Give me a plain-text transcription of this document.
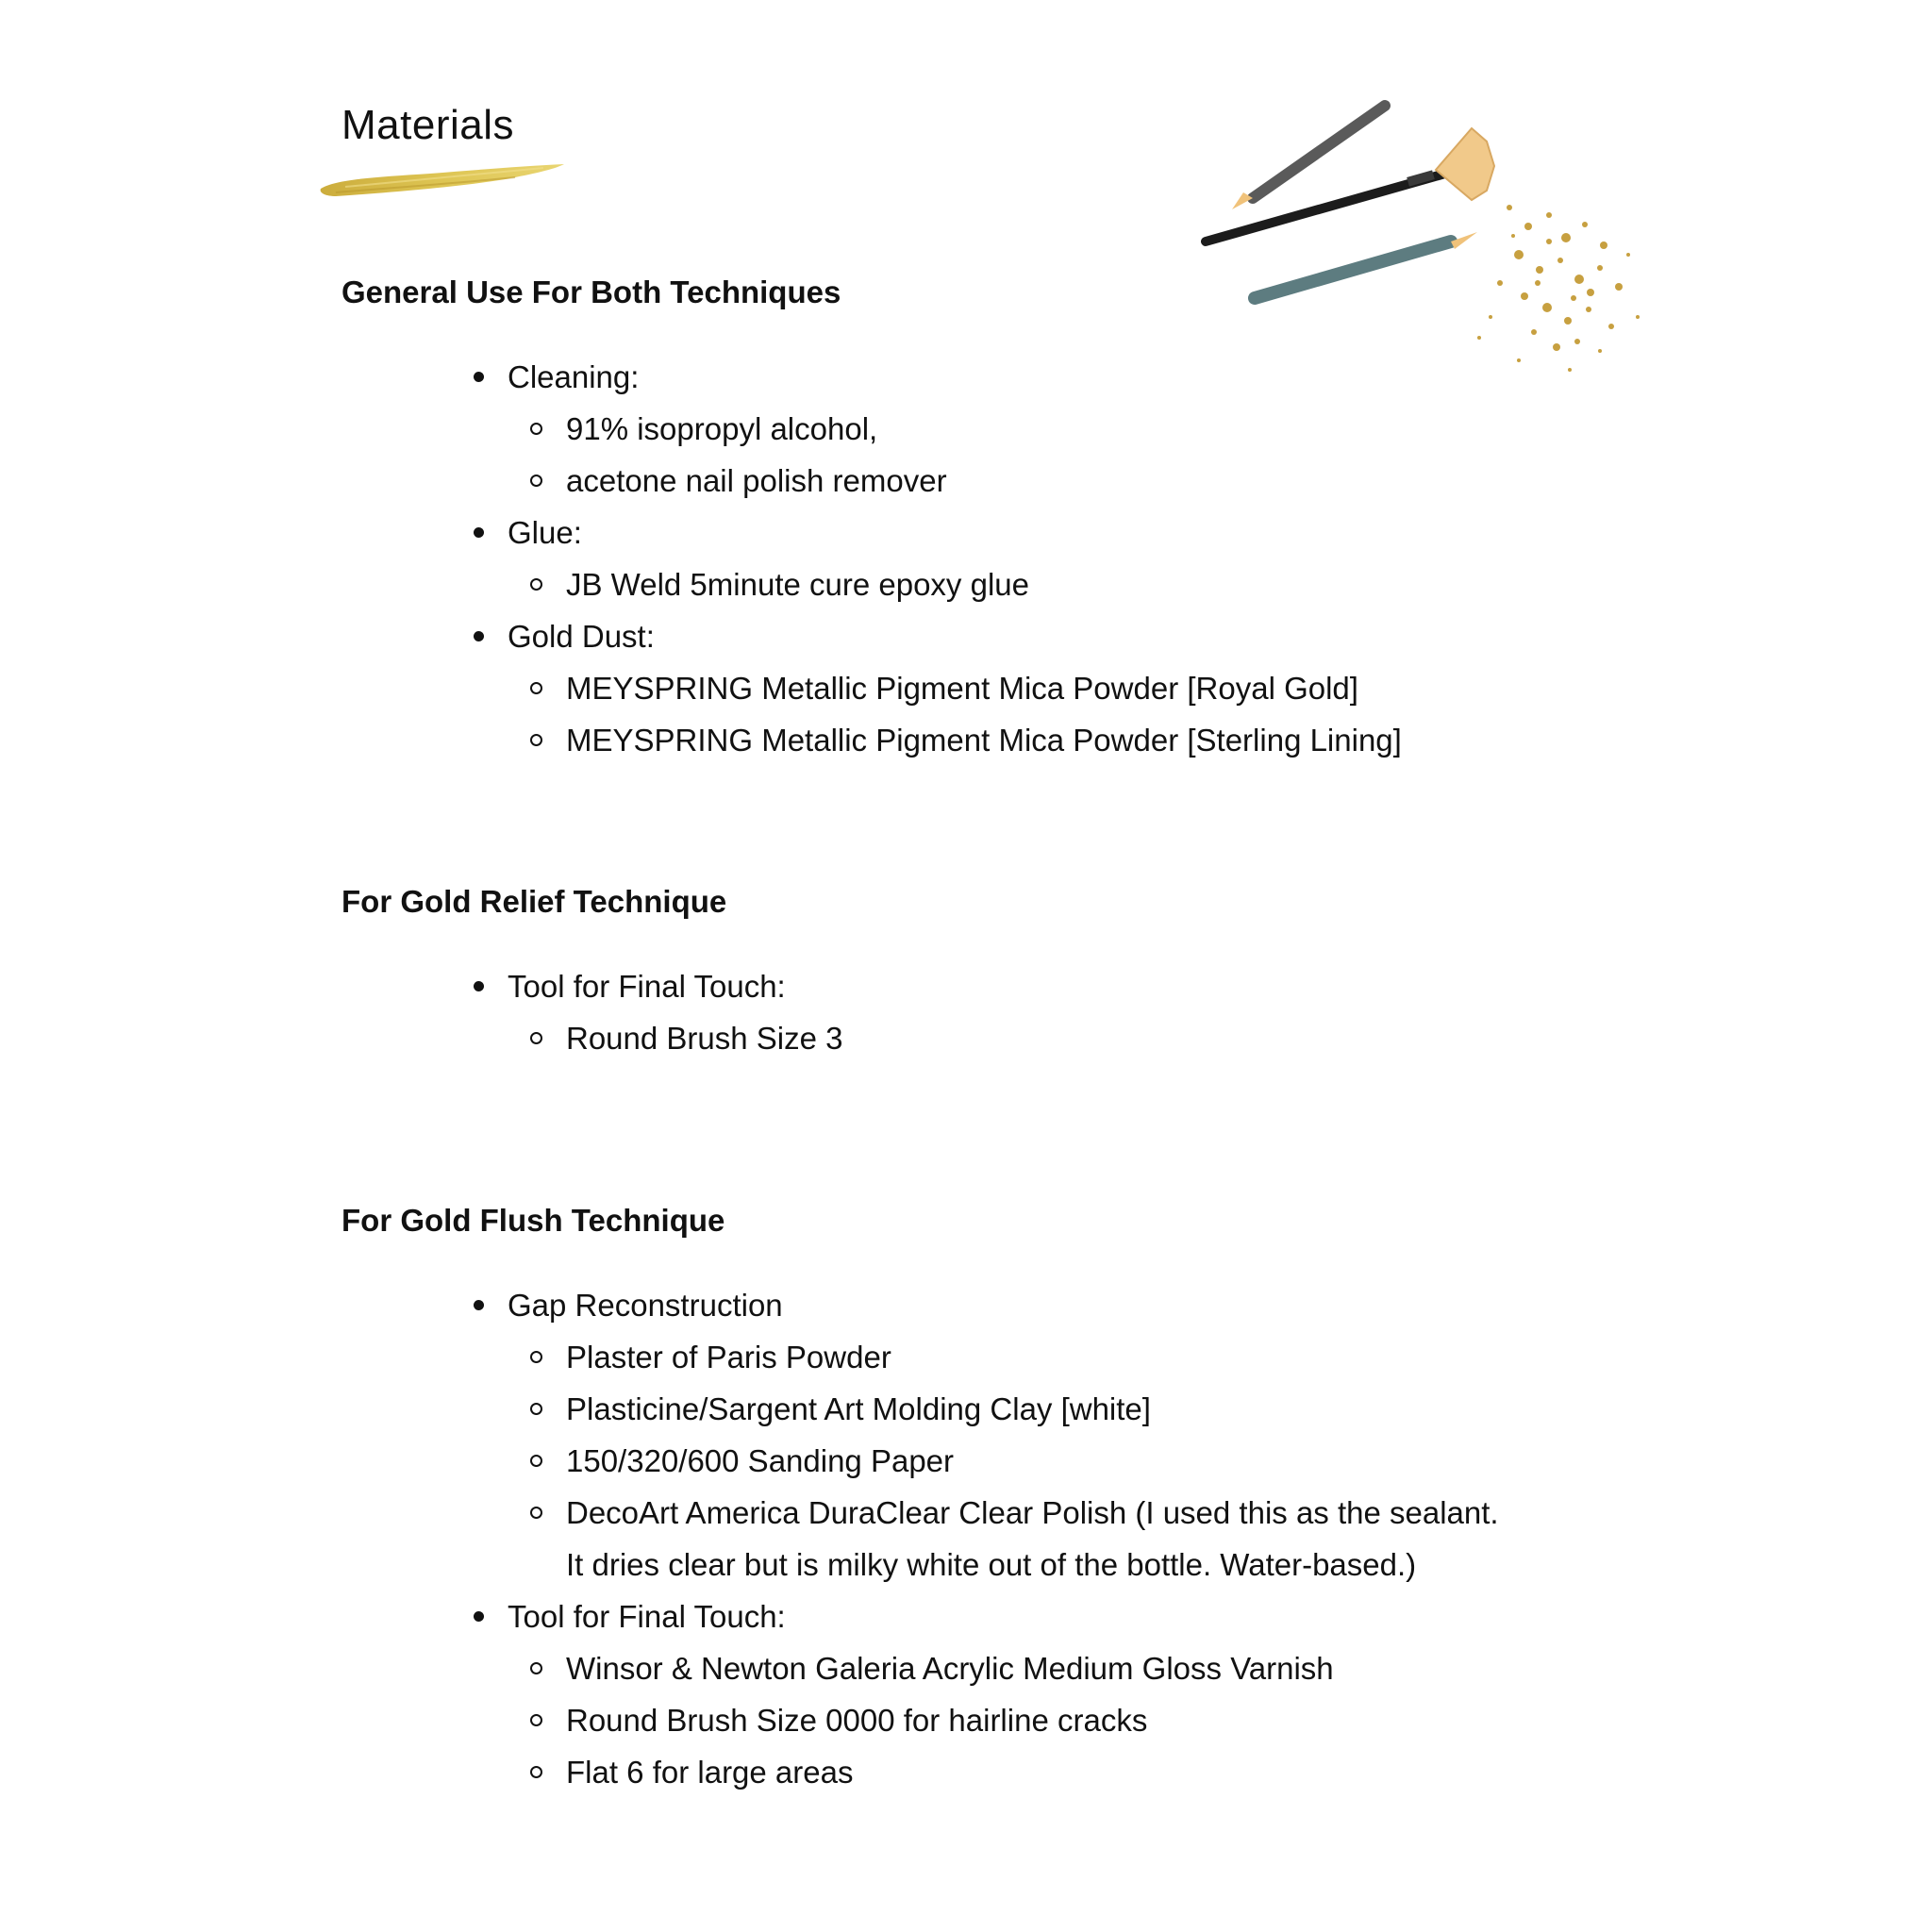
Materials
General Use For Both Techniques
Cleaning:
91% isopropyl alcohol,
acetone nail polish remover
Glue:
JB Weld 5minute cure epoxy glue
Gold Dust:
MEYSPRING Metallic Pigment Mica Powder [Royal Gold]
MEYSPRING Metallic Pigment Mica Powder [Sterling Lining]
For Gold Relief Technique
Tool for Final Touch:
Round Brush Size 3
For Gold Flush Technique
Gap Reconstruction
Plaster of Paris Powder
Plasticine/Sargent Art Molding Clay [white]
150/320/600 Sanding Paper
DecoArt America DuraClear Clear Polish (I used this as the sealant. It dries clear but is milky white out of the bottle. Water-based.)
Tool for Final Touch:
Winsor & Newton Galeria Acrylic Medium Gloss Varnish
Round Brush Size 0000 for hairline cracks
Flat 6 for large areas
